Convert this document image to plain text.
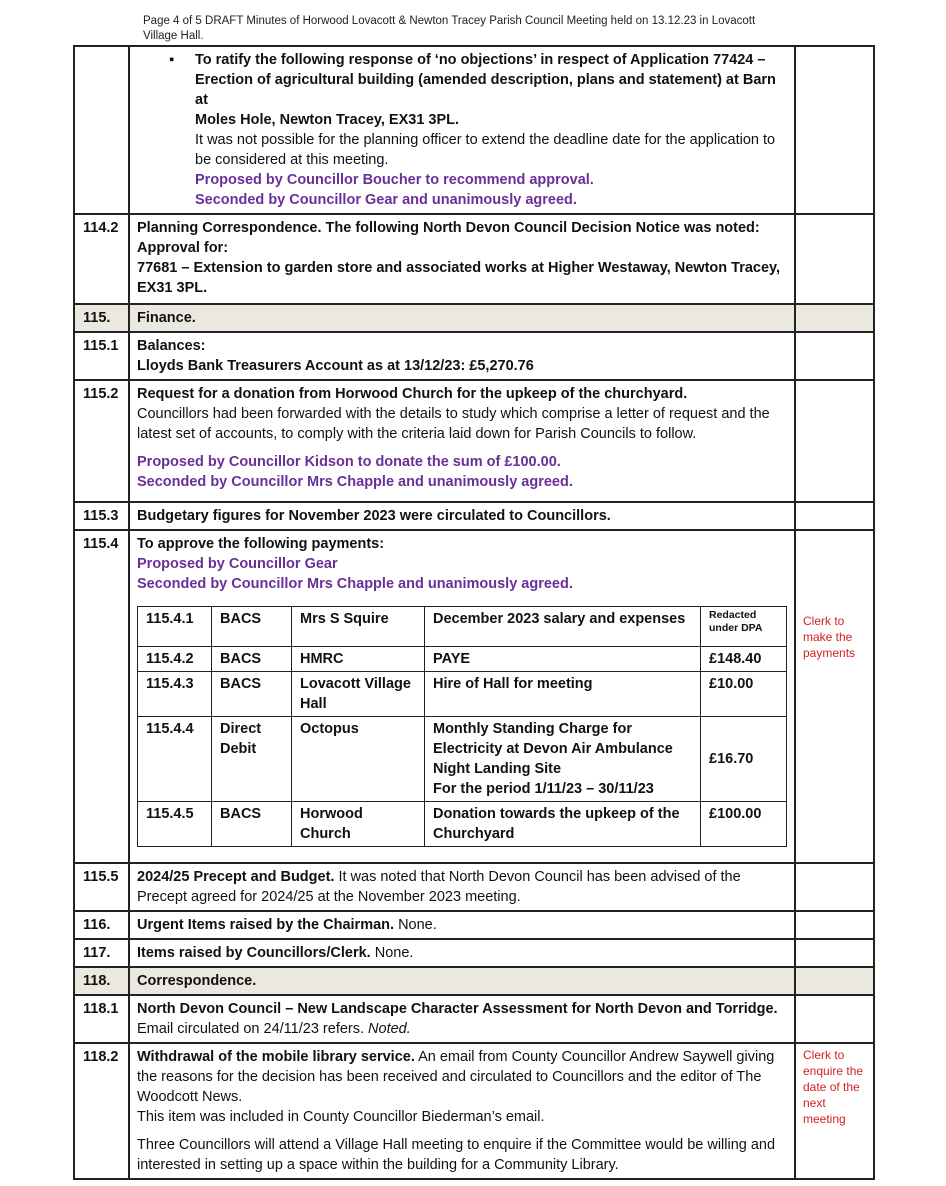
Page 4 of 5 DRAFT Minutes of Horwood Lovacott & Newton Tracey Parish Council Meeting held on 13.12.23 in Lovacott
Village Hall.

▪ To ratify the following response of ‘no objections’ in respect of Application 77424 –
Erection of agricultural building (amended description, plans and statement) at Barn at
Moles Hole, Newton Tracey, EX31 3PL.
It was not possible for the planning officer to extend the deadline date for the application to
be considered at this meeting.
Proposed by Councillor Boucher to recommend approval.
Seconded by Councillor Gear and unanimously agreed.

114.2	Planning Correspondence. The following North Devon Council Decision Notice was noted:
Approval for:
77681 – Extension to garden store and associated works at Higher Westaway, Newton Tracey,
EX31 3PL.

115.	Finance.	
115.1	Balances:
Lloyds Bank Treasurers Account as at 13/12/23: £5,270.76

115.2	Request for a donation from Horwood Church for the upkeep of the churchyard.
Councillors had been forwarded with the details to study which comprise a letter of request and the
latest set of accounts, to comply with the criteria laid down for Parish Councils to follow.
Proposed by Councillor Kidson to donate the sum of £100.00.
Seconded by Councillor Mrs Chapple and unanimously agreed.

115.3	Budgetary figures for November 2023 were circulated to Councillors.	
115.4	To approve the following payments:
Proposed by Councillor Gear
Seconded by Councillor Mrs Chapple and unanimously agreed.
115.4.1	BACS	Mrs S Squire	December 2023 salary and expenses	Redacted under DPA
115.4.2	BACS	HMRC	PAYE	£148.40
115.4.3	BACS	Lovacott Village Hall	Hire of Hall for meeting	£10.00
115.4.4	Direct Debit	Octopus	Monthly Standing Charge for
Electricity at Devon Air Ambulance
Night Landing Site
For the period 1/11/23 – 30/11/23
	£16.70
115.4.5	BACS	Horwood Church	Donation towards the upkeep of the Churchyard	£100.00

Clerk to
make the
payments

115.5	2024/25 Precept and Budget. It was noted that North Devon Council has been advised of the
Precept agreed for 2024/25 at the November 2023 meeting.

116.	Urgent Items raised by the Chairman. None.	
117.	Items raised by Councillors/Clerk. None.	
118.	Correspondence.	
118.1	North Devon Council – New Landscape Character Assessment for North Devon and Torridge.
Email circulated on 24/11/23 refers. Noted.

118.2	Withdrawal of the mobile library service. An email from County Councillor Andrew Saywell giving
the reasons for the decision has been received and circulated to Councillors and the editor of The
Woodcott News.
This item was included in County Councillor Biederman’s email.
Three Councillors will attend a Village Hall meeting to enquire if the Committee would be willing and
interested in setting up a space within the building for a Community Library.

Clerk to
enquire the
date of the
next
meeting
